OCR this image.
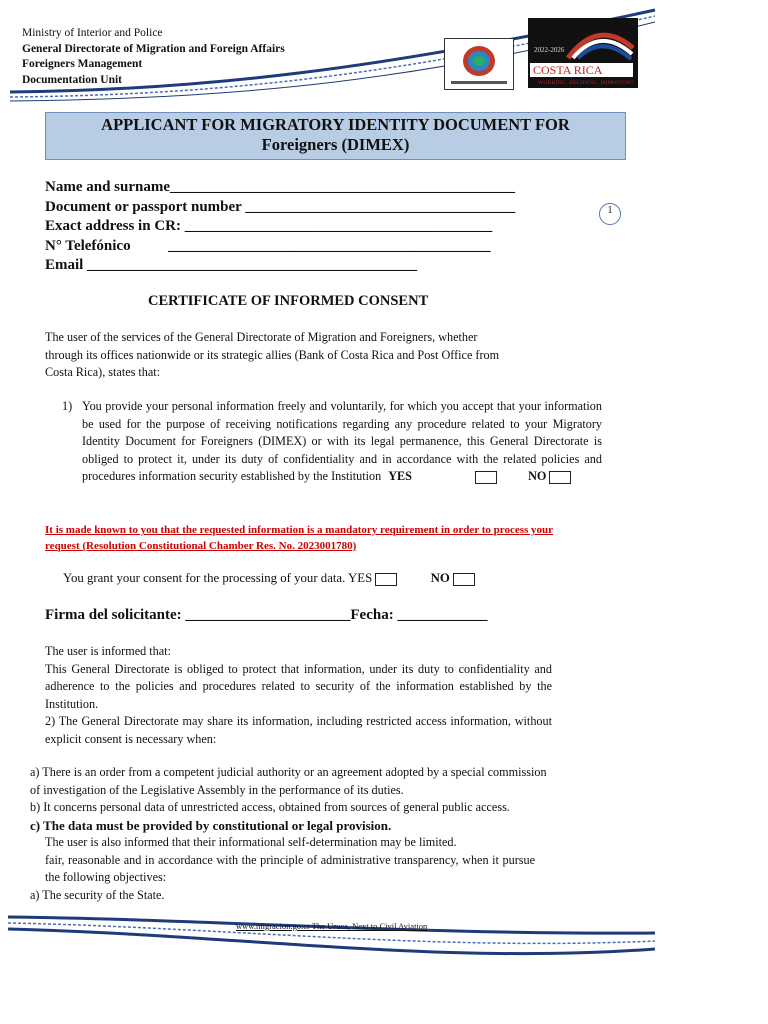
Ministry of Interior and Police
General Directorate of Migration and Foreign Affairs
Foreigners Management
Documentation Unit
2022-2026
COSTA RICA
WORKING, DECIDING, IMPROVING
APPLICANT FOR MIGRATORY IDENTITY DOCUMENT FOR
Foreigners (DIMEX)
Name and surname______________________________________________
Document or passport number ____________________________________
Exact address in CR: _________________________________________
N° Telefónico          ___________________________________________
Email ____________________________________________
1
CERTIFICATE OF INFORMED CONSENT
The user of the services of the General Directorate of Migration and Foreigners, whether through its offices nationwide or its strategic allies (Bank of Costa Rica and Post Office from Costa Rica), states that:
1) You provide your personal information freely and voluntarily, for which you accept that your information be used for the purpose of receiving notifications regarding any procedure related to your Migratory Identity Document for Foreigners (DIMEX) or with its legal permanence, this General Directorate is obliged to protect it, under its duty of confidentiality and in accordance with the related policies and procedures information security established by the Institution YES	NO
It is made known to you that the requested information is a mandatory requirement in order to process your
request (Resolution Constitutional Chamber Res. No. 2023001780)
You grant your consent for the processing of your data. YES	NO
Firma del solicitante: ______________________Fecha: ____________
The user is informed that:
This General Directorate is obliged to protect that information, under its duty to confidentiality and adherence to the policies and procedures related to security of the information established by the Institution.
2) The General Directorate may share its information, including restricted access information, without explicit consent is necessary when:
a) There is an order from a competent judicial authority or an agreement adopted by a special commission of investigation of the Legislative Assembly in the performance of its duties.
b) It concerns personal data of unrestricted access, obtained from sources of general public access.
c) The data must be provided by constitutional or legal provision.
The user is also informed that their informational self-determination may be limited.
fair, reasonable and in accordance with the principle of administrative transparency, when it pursue the following objectives:
a) The security of the State.
www.migracion.go.cr The Uruca, Next to Civil Aviation
